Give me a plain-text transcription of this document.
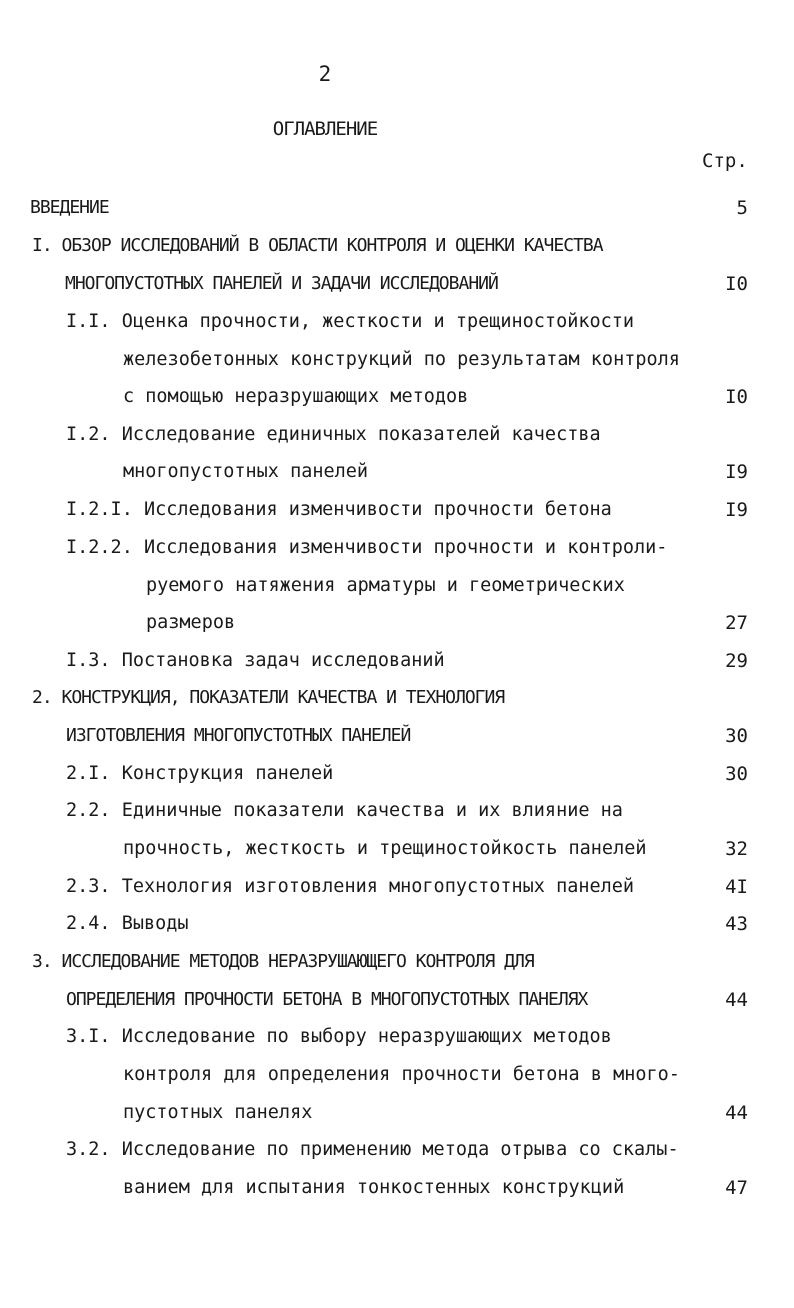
2
ОГЛАВЛЕНИЕ
Стр.
ВВЕДЕНИЕ	5
I. ОБЗОР ИССЛЕДОВАНИЙ В ОБЛАСТИ КОНТРОЛЯ И ОЦЕНКИ КАЧЕСТВА
МНОГОПУСТОТНЫХ ПАНЕЛЕЙ И ЗАДАЧИ ИССЛЕДОВАНИЙ	I0
I.I. Оценка прочности, жесткости и трещиностойкости
железобетонных конструкций по результатам контроля
с помощью неразрушающих методов	I0
I.2. Исследование единичных показателей качества
многопустотных панелей	I9
I.2.I. Исследования изменчивости прочности бетона	I9
I.2.2. Исследования изменчивости прочности и контроли-
руемого натяжения арматуры и геометрических
размеров	27
I.3. Постановка задач исследований	29
2. КОНСТРУКЦИЯ, ПОКАЗАТЕЛИ КАЧЕСТВА И ТЕХНОЛОГИЯ
ИЗГОТОВЛЕНИЯ МНОГОПУСТОТНЫХ ПАНЕЛЕЙ	30
2.I. Конструкция панелей	30
2.2. Единичные показатели качества и их влияние на
прочность, жесткость и трещиностойкость панелей	32
2.3. Технология изготовления многопустотных панелей	4I
2.4. Выводы	43
3. ИССЛЕДОВАНИЕ МЕТОДОВ НЕРАЗРУШАЮЩЕГО КОНТРОЛЯ ДЛЯ
ОПРЕДЕЛЕНИЯ ПРОЧНОСТИ БЕТОНА В МНОГОПУСТОТНЫХ ПАНЕЛЯХ	44
3.I. Исследование по выбору неразрушающих методов
контроля для определения прочности бетона в много-
пустотных панелях	44
3.2. Исследование по применению метода отрыва со скалы-
ванием для испытания тонкостенных конструкций	47
